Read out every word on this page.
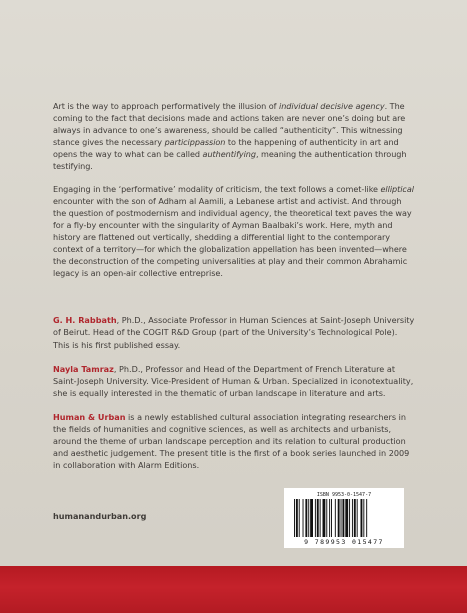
Art is the way to approach performatively the illusion of individual decisive agency. The coming to the fact that decisions made and actions taken are never one’s doing but are always in advance to one’s awareness, should be called “authenticity”. This witnessing stance gives the necessary particippassion to the happening of authenticity in art and opens the way to what can be called authentifying, meaning the authentication through testifying.

Engaging in the ‘performative’ modality of criticism, the text follows a comet-like elliptical encounter with the son of Adham al Aamili, a Lebanese artist and activist. And through the question of postmodernism and individual agency, the theoretical text paves the way for a fly-by encounter with the singularity of Ayman Baalbaki’s work. Here, myth and history are flattened out vertically, shedding a differential light to the contemporary context of a territory—for which the globalization appellation has been invented—where the deconstruction of the competing universalities at play and their common Abrahamic legacy is an open-air collective entreprise.

G. H. Rabbath, Ph.D., Associate Professor in Human Sciences at Saint-Joseph University of Beirut. Head of the COGIT R&D Group (part of the University’s Technological Pole). This is his first published essay.

Nayla Tamraz, Ph.D., Professor and Head of the Department of French Literature at Saint-Joseph University. Vice-President of Human & Urban. Specialized in iconotextuality, she is equally interested in the thematic of urban landscape in literature and arts.

Human & Urban is a newly established cultural association integrating researchers in the fields of humanities and cognitive sciences, as well as architects and urbanists, around the theme of urban landscape perception and its relation to cultural production and aesthetic judgement. The present title is the first of a book series launched in 2009 in collaboration with Alarm Editions.

humanandurban.org
ISBN 9953-0-1547-7
9 789953 015477
